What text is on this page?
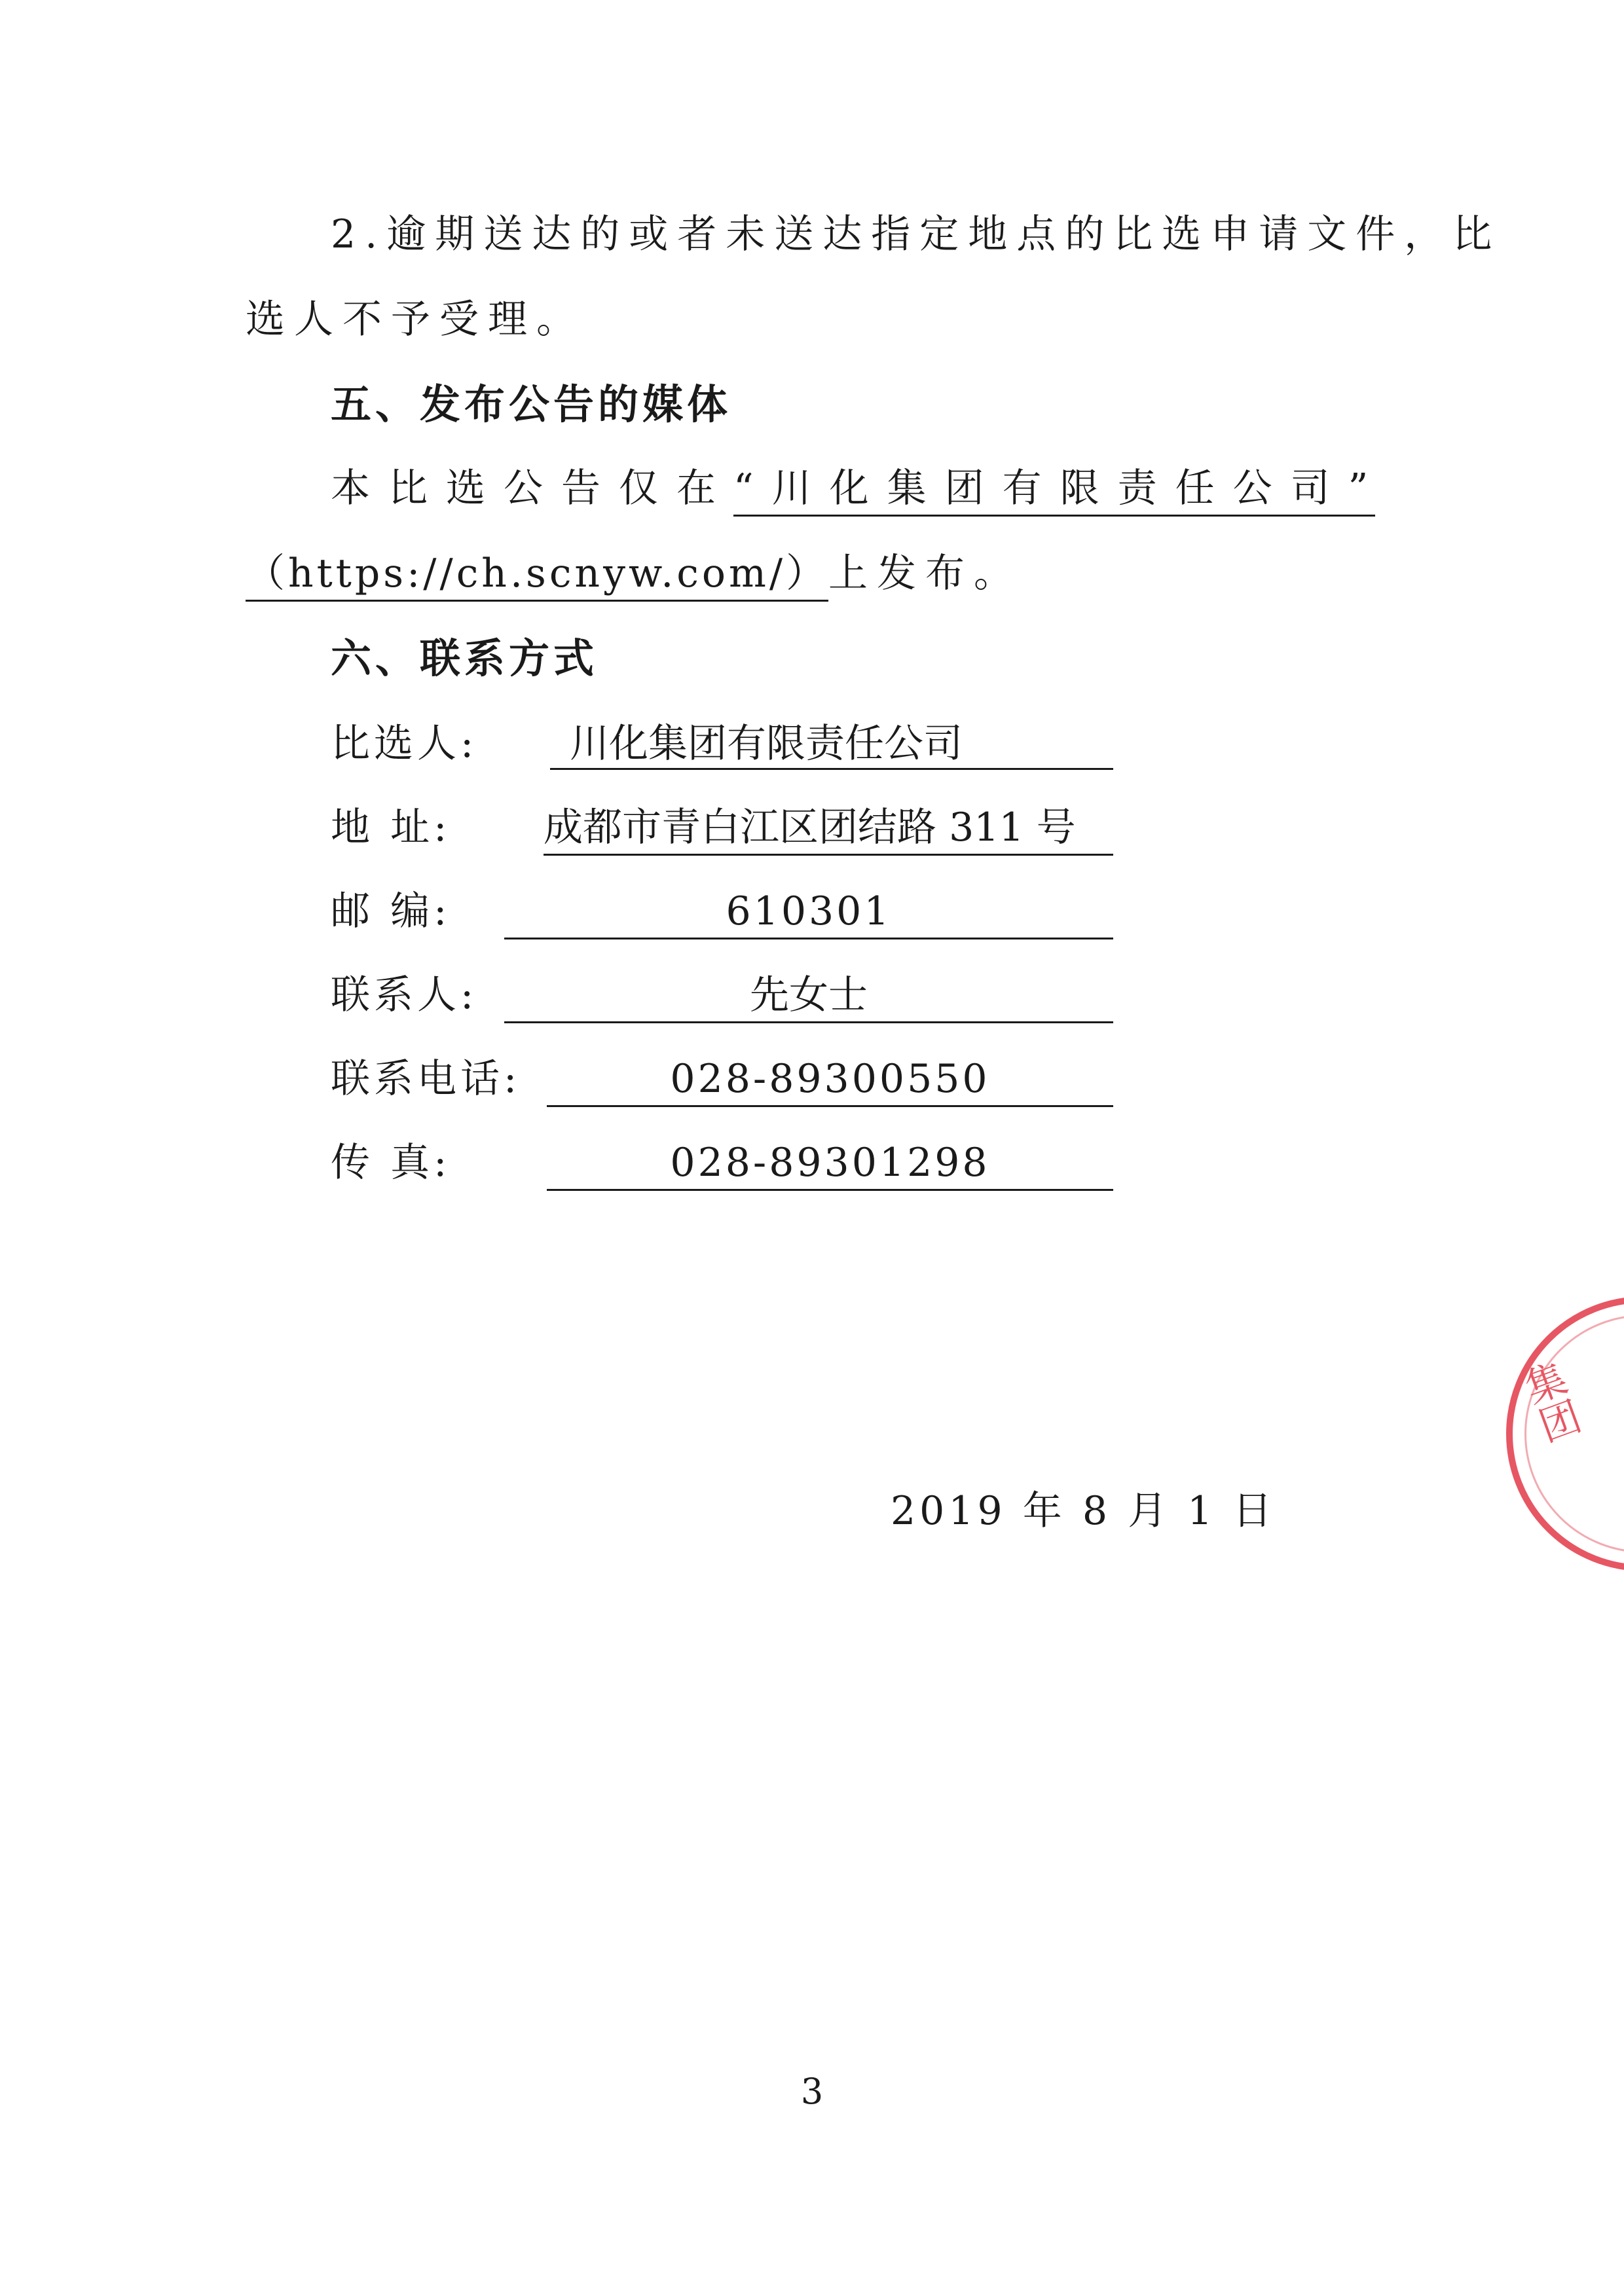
2.逾期送达的或者未送达指定地点的比选申请文件，比
选人不予受理。
五、发布公告的媒体
本比选公告仅在 “川化集团有限责任公司”
（https://ch.scnyw.com/） 上发布。
六、联系方式
比选人:	川化集团有限责任公司
地 址: 成都市青白江区团结路 311 号
邮 编:	610301
联系人:	先女士
联系电话:	028-89300550
传 真:	028-89301298
集团
2019 年 8 月 1 日
3
